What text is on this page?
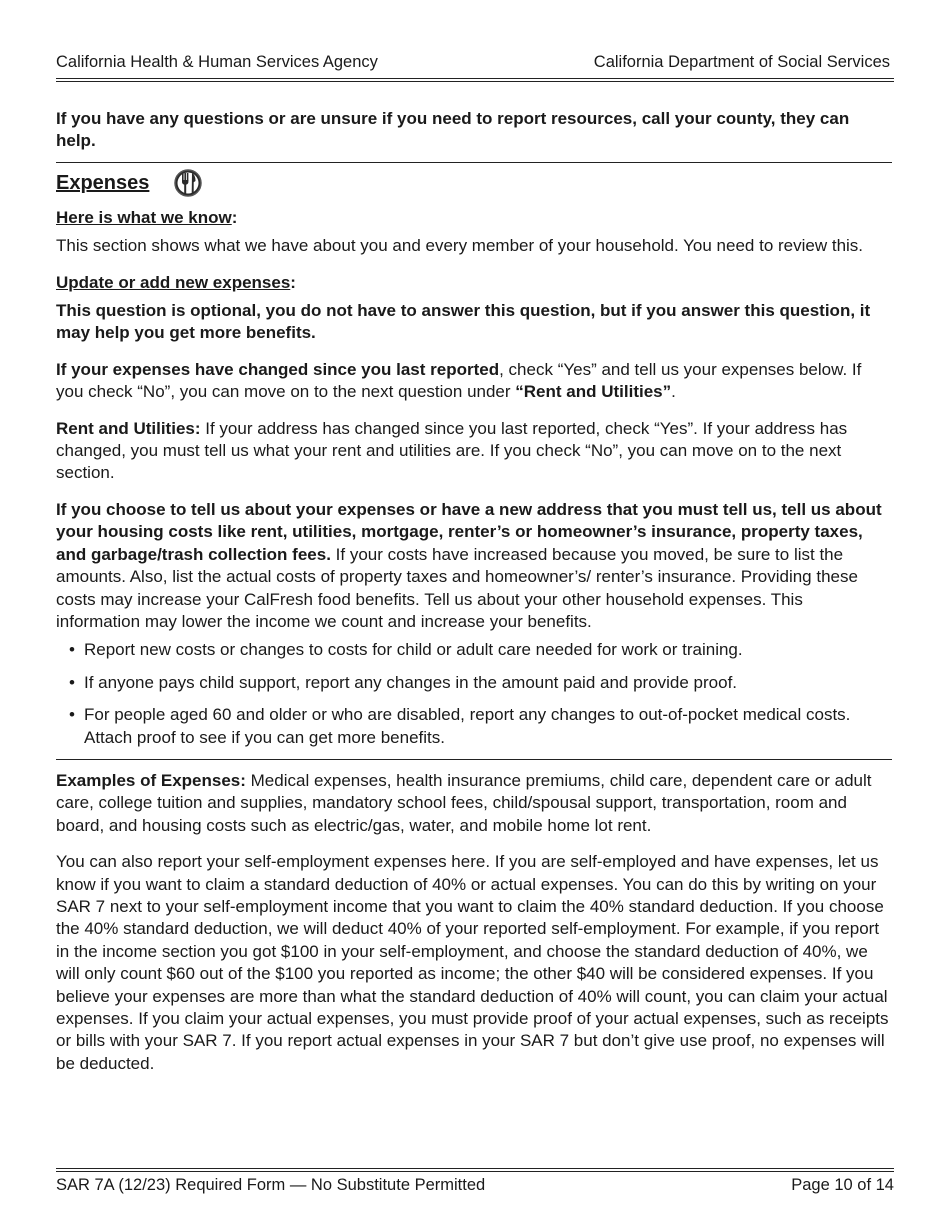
California Health & Human Services Agency	California Department of Social Services

If you have any questions or are unsure if you need to report resources, call your county, they can help.

Expenses

Here is what we know:

This section shows what we have about you and every member of your household. You need to review this.

Update or add new expenses:

This question is optional, you do not have to answer this question, but if you answer this question, it may help you get more benefits.

If your expenses have changed since you last reported, check “Yes” and tell us your expenses below. If you check “No”, you can move on to the next question under “Rent and Utilities”.

Rent and Utilities: If your address has changed since you last reported, check “Yes”. If your address has changed, you must tell us what your rent and utilities are. If you check “No”, you can move on to the next section.

If you choose to tell us about your expenses or have a new address that you must tell us, tell us about your housing costs like rent, utilities, mortgage, renter’s or homeowner’s insurance, property taxes, and garbage/trash collection fees. If your costs have increased because you moved, be sure to list the amounts. Also, list the actual costs of property taxes and homeowner’s/ renter’s insurance. Providing these costs may increase your CalFresh food benefits. Tell us about your other household expenses. This information may lower the income we count and increase your benefits.

• Report new costs or changes to costs for child or adult care needed for work or training.
• If anyone pays child support, report any changes in the amount paid and provide proof.
• For people aged 60 and older or who are disabled, report any changes to out-of-pocket medical costs. Attach proof to see if you can get more benefits.

Examples of Expenses: Medical expenses, health insurance premiums, child care, dependent care or adult care, college tuition and supplies, mandatory school fees, child/spousal support, transportation, room and board, and housing costs such as electric/gas, water, and mobile home lot rent.

You can also report your self-employment expenses here. If you are self-employed and have expenses, let us know if you want to claim a standard deduction of 40% or actual expenses. You can do this by writing on your SAR 7 next to your self-employment income that you want to claim the 40% standard deduction. If you choose the 40% standard deduction, we will deduct 40% of your reported self-employment. For example, if you report in the income section you got $100 in your self-employment, and choose the standard deduction of 40%, we will only count $60 out of the $100 you reported as income; the other $40 will be considered expenses. If you believe your expenses are more than what the standard deduction of 40% will count, you can claim your actual expenses. If you claim your actual expenses, you must provide proof of your actual expenses, such as receipts or bills with your SAR 7. If you report actual expenses in your SAR 7 but don’t give use proof, no expenses will be deducted.

SAR 7A (12/23) Required Form — No Substitute Permitted	Page 10 of 14
